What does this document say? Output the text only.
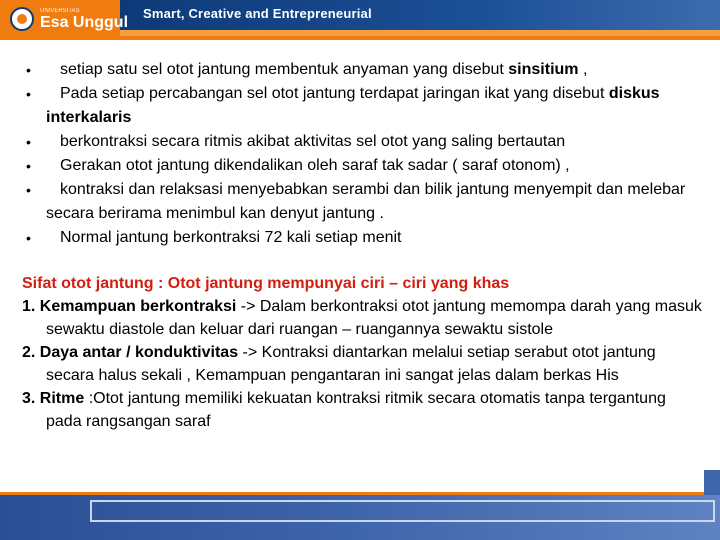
UNIVERSITAS
Esa Unggul Smart, Creative and Entrepreneurial
•	setiap satu sel otot jantung membentuk anyaman yang disebut sinsitium ,
•	Pada setiap percabangan sel otot jantung terdapat jaringan ikat yang disebut diskus interkalaris
•	berkontraksi secara ritmis akibat aktivitas sel otot yang saling bertautan
•	Gerakan otot jantung dikendalikan oleh saraf tak sadar ( saraf otonom) ,
•	kontraksi dan relaksasi menyebabkan serambi dan bilik jantung menyempit dan melebar secara berirama menimbul kan denyut jantung .
•	Normal jantung berkontraksi 72 kali setiap menit
Sifat otot jantung : Otot jantung mempunyai ciri – ciri yang khas
1. Kemampuan berkontraksi -> Dalam berkontraksi otot jantung memompa darah yang masuk sewaktu diastole dan keluar dari ruangan – ruangannya sewaktu sistole
2. Daya antar / konduktivitas -> Kontraksi diantarkan melalui setiap serabut otot jantung secara halus sekali , Kemampuan pengantaran ini sangat jelas dalam berkas His
3. Ritme :Otot jantung memiliki kekuatan kontraksi ritmik secara otomatis tanpa tergantung pada rangsangan saraf
